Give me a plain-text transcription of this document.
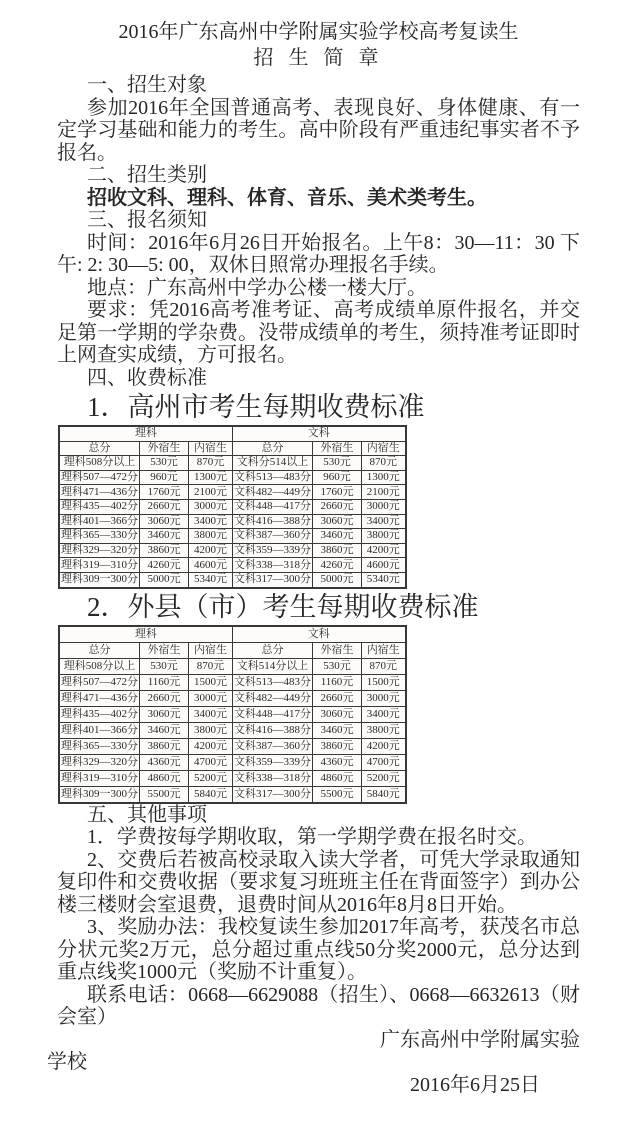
2016年广东高州中学附属实验学校高考复读生

招 生 简 章

一、招生对象

参加2016年全国普通高考、表现良好、身体健康、有一定学习基础和能力的考生。高中阶段有严重违纪事实者不予报名。

二、招生类别

招收文科、理科、体育、音乐、美术类考生。

三、报名须知

时间：2016年6月26日开始报名。上午8：30—11：30 下午: 2: 30—5: 00，双休日照常办理报名手续。

地点：广东高州中学办公楼一楼大厅。

要求：凭2016高考准考证、高考成绩单原件报名，并交足第一学期的学杂费。没带成绩单的考生，须持准考证即时上网查实成绩，方可报名。

四、收费标准

1．高州市考生每期收费标准

理科			文科		
总分	外宿生	内宿生	总分	外宿生	内宿生
理科508分以上	530元	870元	文科分514以上	530元	870元
理科507—472分	960元	1300元	文科513—483分	960元	1300元
理科471—436分	1760元	2100元	文科482—449分	1760元	2100元
理科435—402分	2660元	3000元	文科448—417分	2660元	3000元
理科401—366分	3060元	3400元	文科416—388分	3060元	3400元
理科365—330分	3460元	3800元	文科387—360分	3460元	3800元
理科329—320分	3860元	4200元	文科359—339分	3860元	4200元
理科319—310分	4260元	4600元	文科338—318分	4260元	4600元
理科309一300分	5000元	5340元	文科317—300分	5000元	5340元

2．外县（市）考生每期收费标准

理科			文科		
总分	外宿生	内宿生	总分	外宿生	内宿生
理科508分以上	530元	870元	文科514分以上	530元	870元
理科507—472分	1160元	1500元	文科513—483分	1160元	1500元
理科471—436分	2660元	3000元	文科482—449分	2660元	3000元
理科435—402分	3060元	3400元	文科448—417分	3060元	3400元
理科401—366分	3460元	3800元	文科416—388分	3460元	3800元
理科365—330分	3860元	4200元	文科387—360分	3860元	4200元
理科329—320分	4360元	4700元	文科359—339分	4360元	4700元
理科319—310分	4860元	5200元	文科338—318分	4860元	5200元
理科309一300分	5500元	5840元	文科317—300分	5500元	5840元

五、其他事项

1．学费按每学期收取，第一学期学费在报名时交。

2、交费后若被高校录取入读大学者，可凭大学录取通知复印件和交费收据（要求复习班班主任在背面签字）到办公楼三楼财会室退费，退费时间从2016年8月8日开始。

3、奖励办法：我校复读生参加2017年高考，获茂名市总分状元奖2万元，总分超过重点线50分奖2000元，总分达到重点线奖1000元（奖励不计重复）。

联系电话：0668—6629088（招生）、0668—6632613（财会室）

广东高州中学附属实验

学校

2016年6月25日
